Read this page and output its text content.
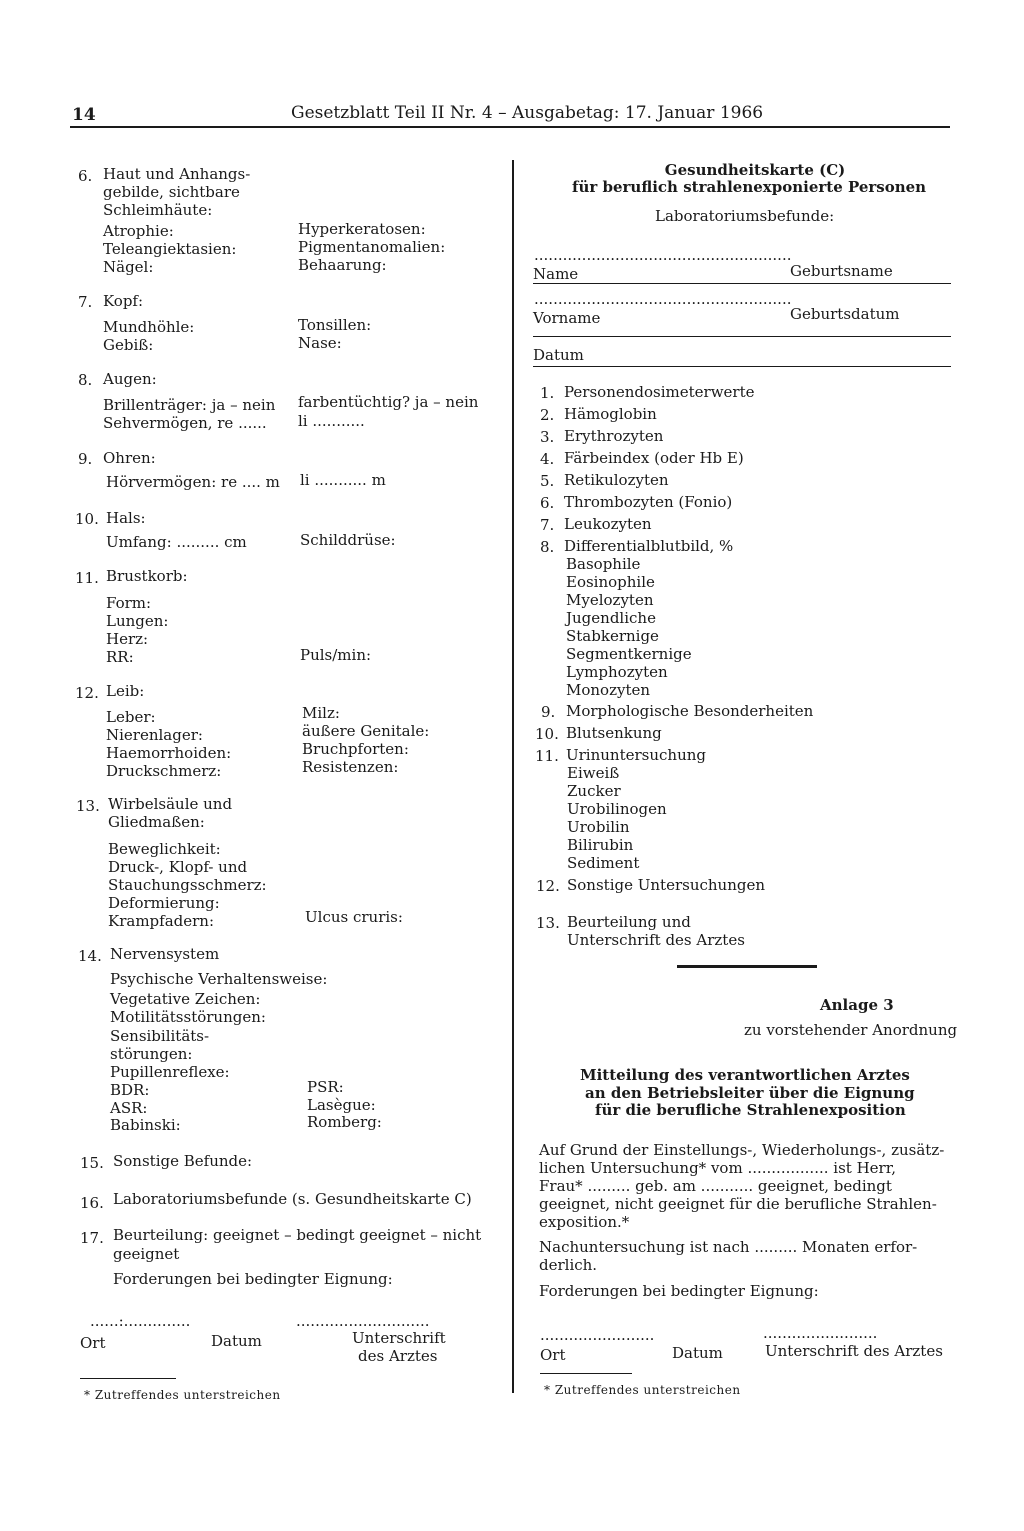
14	Gesetzblatt Teil II Nr. 4 – Ausgabetag: 17. Januar 1966
6. Haut und Anhangs-
gebilde, sichtbare
Schleimhäute:
Atrophie:	Hyperkeratosen:
Teleangiektasien:	Pigmentanomalien:
Nägel:	Behaarung:
7. Kopf:
Mundhöhle:	Tonsillen:
Gebiß:	Nase:
8. Augen:
Brillenträger: ja – nein farbentüchtig? ja – nein
Sehvermögen, re ...... li ...........
9. Ohren:
Hörvermögen: re .... m li ........... m
10. Hals:
Umfang: ......... cm	Schilddrüse:
11. Brustkorb:
Form:
Lungen:
Herz:
RR:	Puls/min:
12. Leib:
Leber:	Milz:
Nierenlager:	äußere Genitale:
Haemorrhoiden:	Bruchpforten:
Druckschmerz:	Resistenzen:
13. Wirbelsäule und
Gliedmaßen:
Beweglichkeit:
Druck-, Klopf- und
Stauchungsschmerz:
Deformierung:
Krampfadern:	Ulcus cruris:
14. Nervensystem
Psychische Verhaltensweise:
Vegetative Zeichen:
Motilitätsstörungen:
Sensibilitäts-
störungen:
Pupillenreflexe:
BDR:	PSR:
ASR:	Lasègue:
Babinski:	Romberg:
15. Sonstige Befunde:
16. Laboratoriumsbefunde (s. Gesundheitskarte C)
17. Beurteilung: geeignet – bedingt geeignet – nicht
geeignet
Forderungen bei bedingter Eignung:
......:..............	............................
Ort	Datum	Unterschrift
des Arztes
* Zutreffendes unterstreichen
Gesundheitskarte (C)
für beruflich strahlenexponierte Personen
Laboratoriumsbefunde:
......................................................
Name	Geburtsname
......................................................
Vorname	Geburtsdatum
Datum
1. Personendosimeterwerte
2. Hämoglobin
3. Erythrozyten
4. Färbeindex (oder Hb E)
5. Retikulozyten
6. Thrombozyten (Fonio)
7. Leukozyten
8. Differentialblutbild, %
Basophile
Eosinophile
Myelozyten
Jugendliche
Stabkernige
Segmentkernige
Lymphozyten
Monozyten
9. Morphologische Besonderheiten
10. Blutsenkung
11. Urinuntersuchung
Eiweiß
Zucker
Urobilinogen
Urobilin
Bilirubin
Sediment
12. Sonstige Untersuchungen
13. Beurteilung und
Unterschrift des Arztes
Anlage 3
zu vorstehender Anordnung
Mitteilung des verantwortlichen Arztes
an den Betriebsleiter über die Eignung
für die berufliche Strahlenexposition
Auf Grund der Einstellungs-, Wiederholungs-, zusätz-
lichen Untersuchung* vom ................. ist Herr,
Frau* ......... geb. am ........... geeignet, bedingt
geeignet, nicht geeignet für die berufliche Strahlen-
exposition.*
Nachuntersuchung ist nach ......... Monaten erfor-
derlich.
Forderungen bei bedingter Eignung:
........................	........................
Ort	Datum	Unterschrift des Arztes
* Zutreffendes unterstreichen
